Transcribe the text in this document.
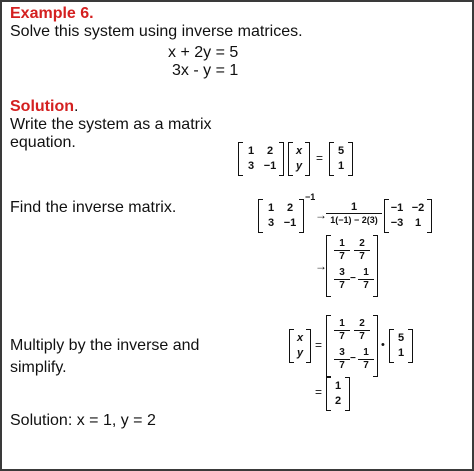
Example 6.
Solve this system using inverse matrices.
x + 2y = 5
3x - y = 1
Solution.
Write the system as a matrix
equation.
Find the inverse matrix.
Multiply by the inverse and
simplify.
Solution: x = 1, y = 2
1	2
3 −1
x
y
=	5
1
1	2
3 −1
−1
→
1
1(−1) − 2(3)
−1 −2
−3	1
→
$\frac{1}{7} \frac{2}{7}$
$\frac{3}{7} - \frac{1}{7}$
x
y
=
$\frac{1}{7} \frac{2}{7}$
$\frac{3}{7} - \frac{1}{7}$
•
5
1
=	1
2
